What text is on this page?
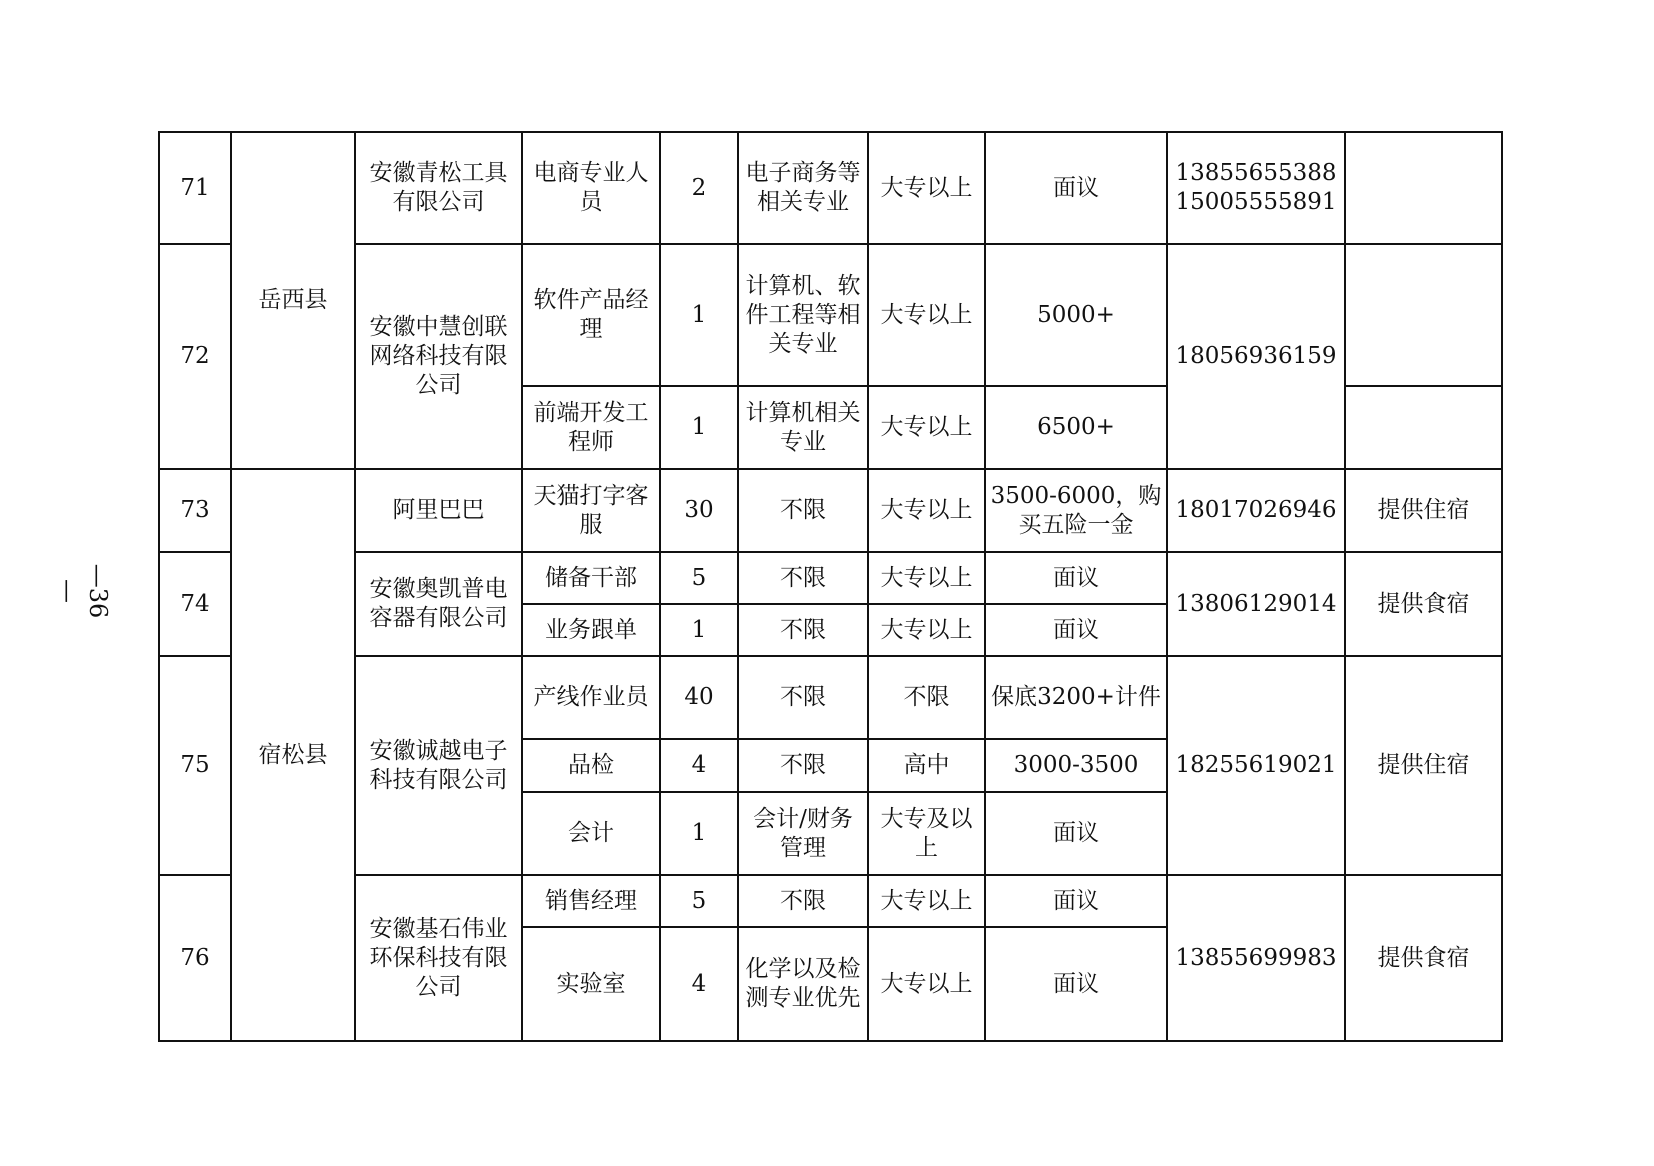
—36—
71	岳西县	安徽青松工具有限公司	电商专业人员	2	电子商务等相关专业	大专以上	面议	13855655388
15005555891	

72		安徽中慧创联网络科技有限公司	软件产品经理	1	计算机、软件工程等相关专业	大专以上	5000+	18056936159	
			前端开发工程师	1	计算机相关专业	大专以上	6500+		
73	宿松县	阿里巴巴	天猫打字客服	30	不限	大专以上	3500-6000，购买五险一金	18017026946	提供住宿
74		安徽奥凯普电容器有限公司	储备干部	5	不限	大专以上	面议	13806129014	提供食宿
			业务跟单	1	不限	大专以上	面议		
75		安徽诚越电子科技有限公司	产线作业员	40	不限	不限	保底3200+计件	18255619021	提供住宿
			品检	4	不限	高中	3000-3500		
			会计	1	会计/财务管理	大专及以上	面议		
76		安徽基石伟业环保科技有限公司	销售经理	5	不限	大专以上	面议	13855699983	提供食宿
			实验室	4	化学以及检测专业优先	大专以上	面议		
